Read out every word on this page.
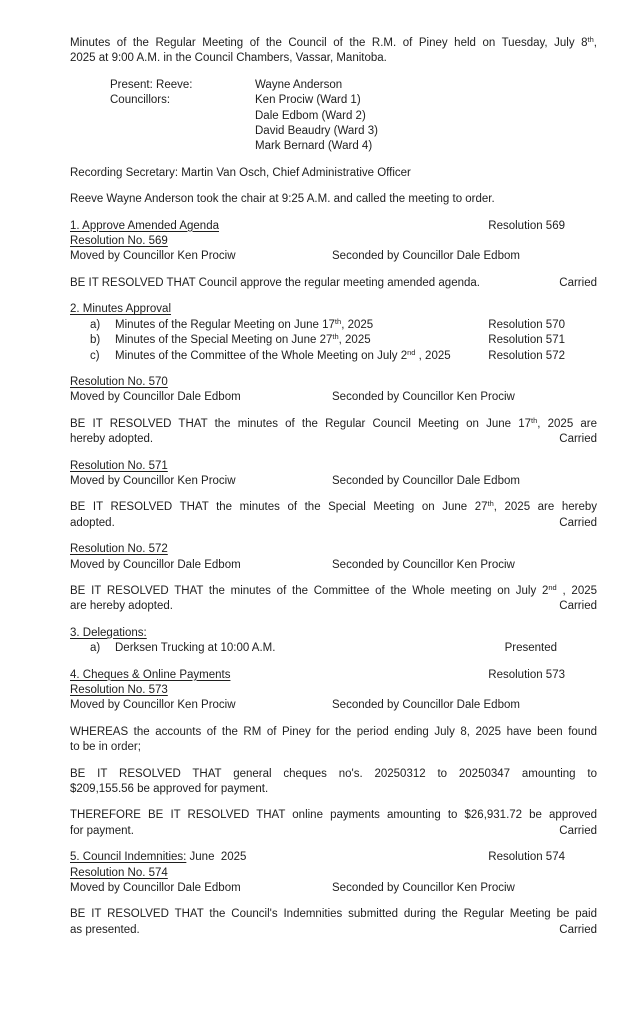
Minutes of the Regular Meeting of the Council of the R.M. of Piney held on Tuesday, July 8th,
2025 at 9:00 A.M. in the Council Chambers, Vassar, Manitoba.
Present: Reeve:	Wayne Anderson
Councillors:	Ken Prociw (Ward 1)
Dale Edbom (Ward 2)
David Beaudry (Ward 3)
Mark Bernard (Ward 4)
Recording Secretary: Martin Van Osch, Chief Administrative Officer
Reeve Wayne Anderson took the chair at 9:25 A.M. and called the meeting to order.
1. Approve Amended Agenda	Resolution 569
Resolution No. 569
Moved by Councillor Ken Prociw	Seconded by Councillor Dale Edbom
BE IT RESOLVED THAT Council approve the regular meeting amended agenda.	Carried
2. Minutes Approval
a) Minutes of the Regular Meeting on June 17th, 2025	Resolution 570
b) Minutes of the Special Meeting on June 27th, 2025	Resolution 571
c) Minutes of the Committee of the Whole Meeting on July 2nd , 2025	Resolution 572
Resolution No. 570
Moved by Councillor Dale Edbom	Seconded by Councillor Ken Prociw
BE IT RESOLVED THAT the minutes of the Regular Council Meeting on June 17th, 2025 are
hereby adopted.	Carried
Resolution No. 571
Moved by Councillor Ken Prociw	Seconded by Councillor Dale Edbom
BE IT RESOLVED THAT the minutes of the Special Meeting on June 27th, 2025 are hereby
adopted.	Carried
Resolution No. 572
Moved by Councillor Dale Edbom	Seconded by Councillor Ken Prociw
BE IT RESOLVED THAT the minutes of the Committee of the Whole meeting on July 2nd , 2025
are hereby adopted.	Carried
3. Delegations:
a) Derksen Trucking at 10:00 A.M.	Presented
4. Cheques & Online Payments	Resolution 573
Resolution No. 573
Moved by Councillor Ken Prociw	Seconded by Councillor Dale Edbom
WHEREAS the accounts of the RM of Piney for the period ending July 8, 2025 have been found
to be in order;
BE IT RESOLVED THAT general cheques no's. 20250312 to 20250347 amounting to
$209,155.56 be approved for payment.
THEREFORE BE IT RESOLVED THAT online payments amounting to $26,931.72 be approved
for payment.	Carried
5. Council Indemnities: June  2025	Resolution 574
Resolution No. 574
Moved by Councillor Dale Edbom	Seconded by Councillor Ken Prociw
BE IT RESOLVED THAT the Council's Indemnities submitted during the Regular Meeting be paid
as presented.	Carried
